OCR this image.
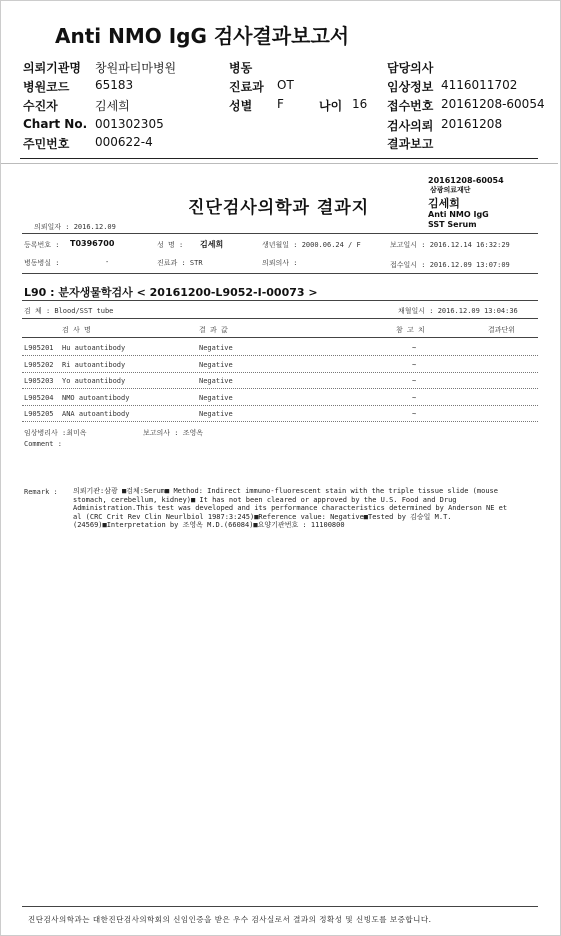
Anti NMO IgG 검사결과보고서
의뢰기관명 창원파티마병원	병동	담당의사
병원코드 65183	진료과 OT	임상정보 4116011702
수진자	김세희	성별 F	접수번호 20161208-60054
Chart No. 001302305	검사의뢰 20161208
주민번호 000622-4	결과보고
나이 16
20161208-60054
삼광의료재단
김세희
Anti NMO IgG
SST Serum
진단검사의학과 결과지
의뢰일자 : 2016.12.09
등록번호 : T0396700	성 명 : 김세희	생년월일 : 2000.06.24 / F	보고일시 : 2016.12.14 16:32:29
병동병실 :	-	진료과 : STR	의뢰의사 :	접수일시 : 2016.12.09 13:07:09
L90 : 분자생물학검사 < 20161200-L9052-I-00073 >
검 체 : Blood/SST tube	채혈일시 : 2016.12.09 13:04:36
검 사 명	결 과 값	참 고 치	결과단위
L905201 Hu autoantibody	Negative	~
L905202 Ri autoantibody	Negative	~
L905203 Yo autoantibody	Negative	~
L905204 NMO autoantibody	Negative	~
L905205 ANA autoantibody	Negative	~
임상병리사 :최미옥	보고의사 : 조영옥
Comment :
Remark : 의뢰기관:삼광 ■검체:Serum■ Method: Indirect immuno-fluorescent stain with the triple tissue slide (mouse stomach, cerebellum, kidney)■ It has not been cleared or approved by the U.S. Food and Drug Administration.This test was developed and its performance characteristics determined by Anderson NE et al (CRC Crit Rev Clin Neurlbiol 1987:3:245)■Reference value: Negative■Tested by 김승일 M.T.(24569)■Interpretation by 조영옥 M.D.(66084)■요양기관번호 : 11100800
진단검사의학과는 대한진단검사의학회의 신임인증을 받은 우수 검사실로서 결과의 정확성 및 신빙도를 보증합니다.
